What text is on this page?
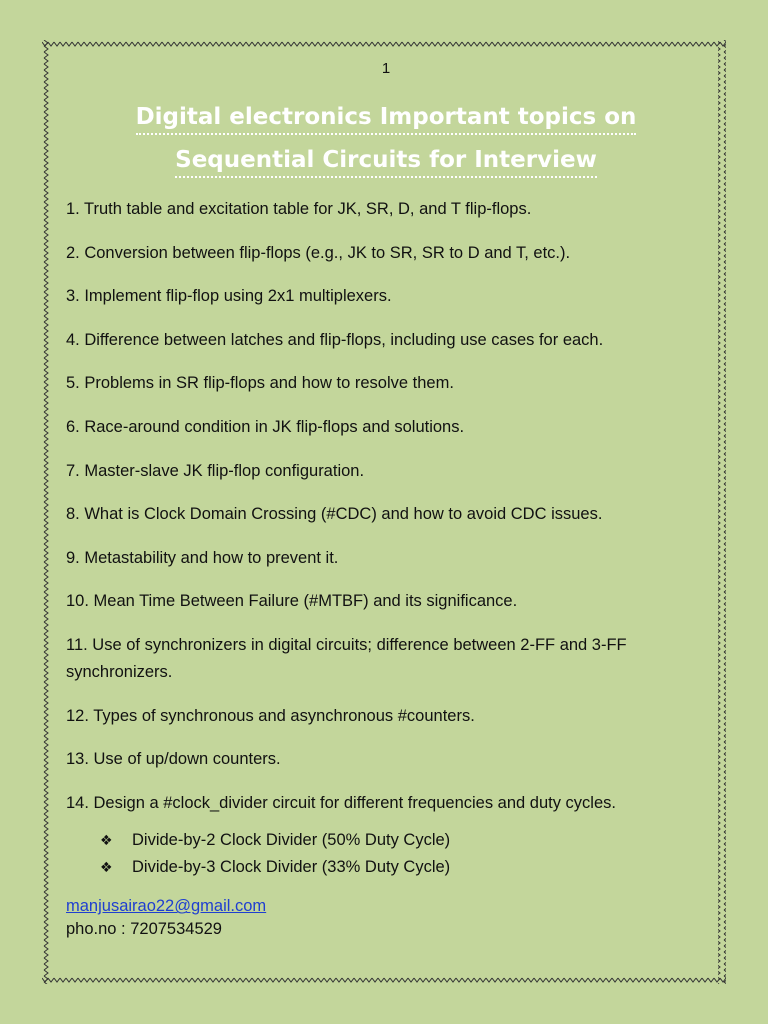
1
Digital electronics Important topics on
Sequential Circuits for Interview
1. Truth table and excitation table for JK, SR, D, and T flip-flops.
2. Conversion between flip-flops (e.g., JK to SR, SR to D and T, etc.).
3. Implement flip-flop using 2x1 multiplexers.
4. Difference between latches and flip-flops, including use cases for each.
5. Problems in SR flip-flops and how to resolve them.
6. Race-around condition in JK flip-flops and solutions.
7. Master-slave JK flip-flop configuration.
8. What is Clock Domain Crossing (#CDC) and how to avoid CDC issues.
9. Metastability and how to prevent it.
10. Mean Time Between Failure (#MTBF) and its significance.
11. Use of synchronizers in digital circuits; difference between 2-FF and 3-FF synchronizers.
12. Types of synchronous and asynchronous #counters.
13. Use of up/down counters.
14. Design a #clock_divider circuit for different frequencies and duty cycles.
❖	Divide-by-2 Clock Divider (50% Duty Cycle)
❖	Divide-by-3 Clock Divider (33% Duty Cycle)
manjusairao22@gmail.com
pho.no : 7207534529
